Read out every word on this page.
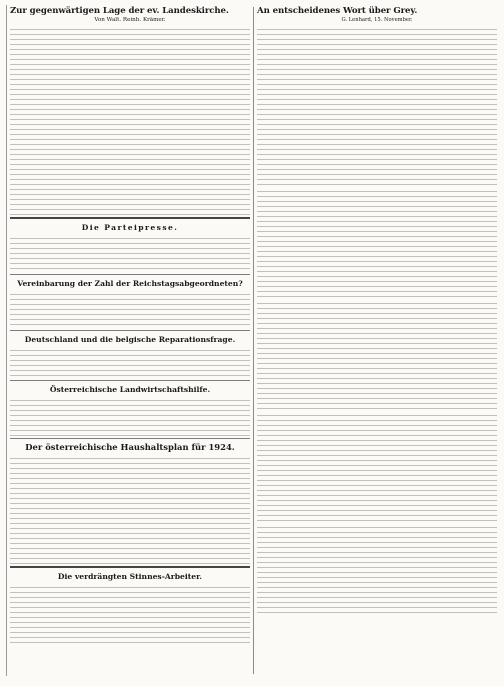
Zur gegenwärtigen Lage der ev. Landeskirche.
Von Walt. Reinh. Krämer.
Die Parteipresse.
Vereinbarung der Zahl der Reichstagsabgeordneten?
Deutschland und die belgische Reparationsfrage.
Österreichische Landwirtschaftshilfe.
Der österreichische Haushaltsplan für 1924.
Die verdrängten Stinnes-Arbeiter.
An entscheidenes Wort über Grey.
G. Lenhard, 15. November.
